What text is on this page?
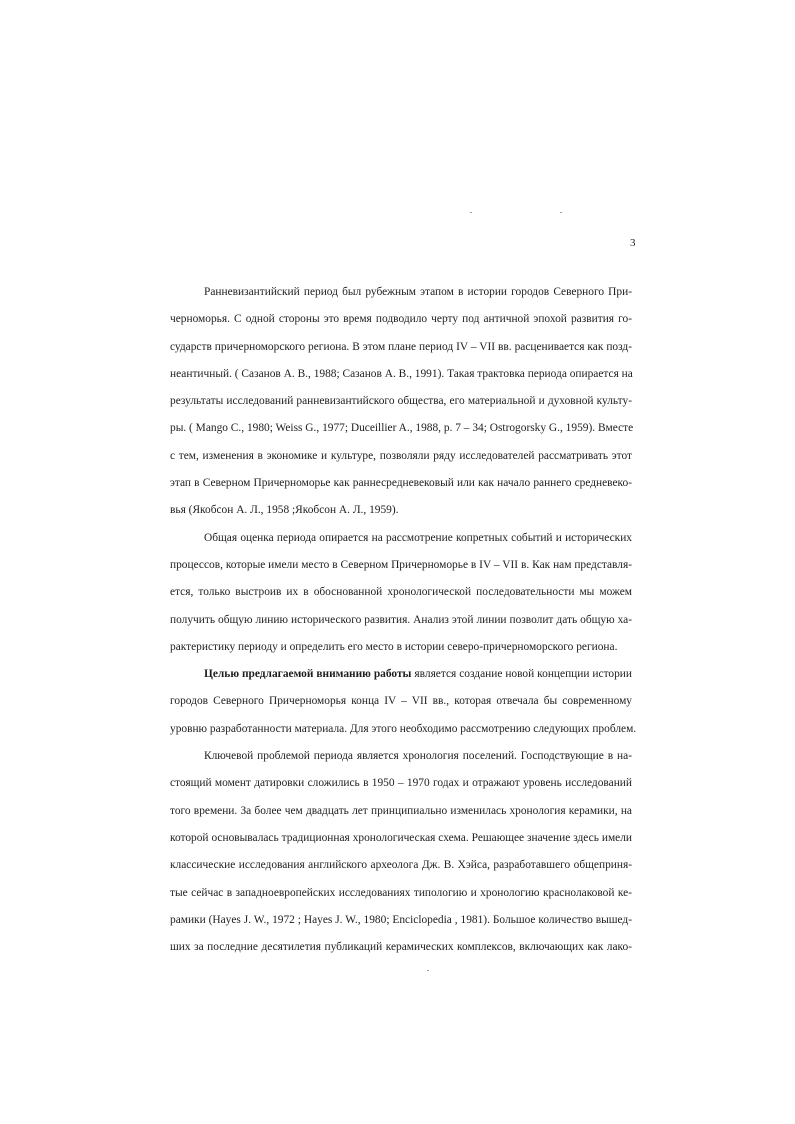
3
Ранневизантийский период был рубежным этапом в истории городов Северного При-
черноморья. С одной стороны это время подводило черту под античной эпохой развития го-
сударств причерноморского региона. В этом плане период IV – VII вв. расценивается как позд-
неантичный. ( Сазанов А. В., 1988; Сазанов А. В., 1991). Такая трактовка периода опирается на
результаты исследований ранневизантийского общества, его материальной и духовной культу-
ры. ( Mango C., 1980; Weiss G., 1977; Duceillier A., 1988, p. 7 – 34; Ostrogorsky G., 1959). Вместе
с тем, изменения в экономике и культуре, позволяли ряду исследователей рассматривать этот
этап в Северном Причерноморье как раннесредневековый или как начало раннего средневеко-
вья (Якобсон А. Л., 1958 ;Якобсон А. Л., 1959).
Общая оценка периода опирается на рассмотрение копретных событий и исторических
процессов, которые имели место в Северном Причерноморье в IV – VII в. Как нам представля-
ется, только выстроив их в обоснованной хронологической последовательности мы можем
получить общую линию исторического развития. Анализ этой линии позволит дать общую ха-
рактеристику периоду и определить его место в истории северо-причерноморского региона.
Целью предлагаемой вниманию работы является создание новой концепции истории
городов Северного Причерноморья конца IV – VII вв., которая отвечала бы современному
уровню разработанности материала. Для этого необходимо рассмотрению следующих проблем.
Ключевой проблемой периода является хронология поселений. Господствующие в на-
стоящий момент датировки сложились в 1950 – 1970 годах и отражают уровень исследований
того времени. За более чем двадцать лет принципиально изменилась хронология керамики, на
которой основывалась традиционная хронологическая схема. Решающее значение здесь имели
классические исследования английского археолога Дж. В. Хэйса, разработавшего общеприня-
тые сейчас в западноевропейских исследованиях типологию и хронологию краснолаковой ке-
рамики (Hayes J. W., 1972 ; Hayes J. W., 1980; Enciclopedia , 1981). Большое количество вышед-
ших за последние десятилетия публикаций керамических комплексов, включающих как лако-
